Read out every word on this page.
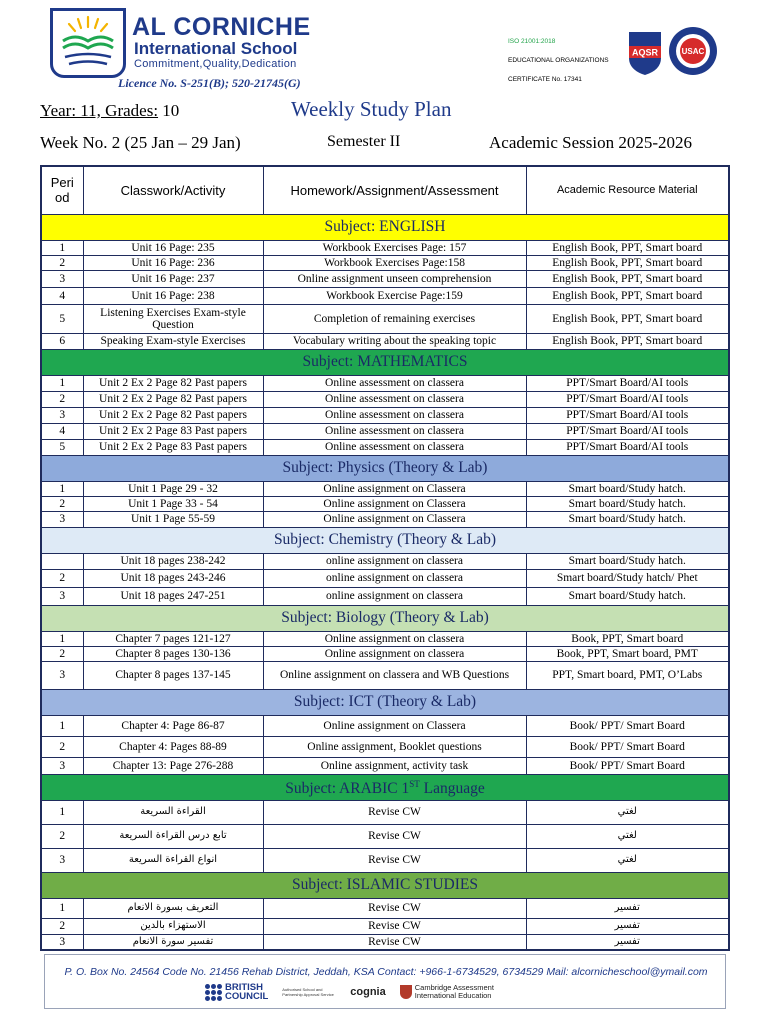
AL CORNICHE
International School
Commitment,Quality,Dedication
Licence No. S-251(B); 520-21745(G)
ISO 21001:2018
EDUCATIONAL ORGANIZATIONS
CERTIFICATE No. 17341
AQSR	USAC
Year: 11, Grades: 10	Weekly Study Plan
Week No. 2 (25 Jan – 29 Jan)	Semester II	Academic Session 2025-2026
Peri od	Classwork/Activity	Homework/Assignment/Assessment	Academic Resource Material
Subject: ENGLISH			
1	Unit 16 Page: 235	Workbook Exercises Page: 157	English Book, PPT, Smart board
2	Unit 16 Page: 236	Workbook Exercises Page:158	English Book, PPT, Smart board
3	Unit 16 Page: 237	Online assignment unseen comprehension	English Book, PPT, Smart board
4	Unit 16 Page: 238	Workbook Exercise Page:159	English Book, PPT, Smart board
5	Listening Exercises Exam-style Question	Completion of remaining exercises	English Book, PPT, Smart board
6	Speaking Exam-style Exercises	Vocabulary writing about the speaking topic	English Book, PPT, Smart board
Subject: MATHEMATICS			
1	Unit 2 Ex 2 Page 82 Past papers	Online assessment on classera	PPT/Smart Board/AI tools
2	Unit 2 Ex 2 Page 82 Past papers	Online assessment on classera	PPT/Smart Board/AI tools
3	Unit 2 Ex 2 Page 82 Past papers	Online assessment on classera	PPT/Smart Board/AI tools
4	Unit 2 Ex 2 Page 83 Past papers	Online assessment on classera	PPT/Smart Board/AI tools
5	Unit 2 Ex 2 Page 83 Past papers	Online assessment on classera	PPT/Smart Board/AI tools
Subject: Physics (Theory & Lab)			
1	Unit 1 Page 29 - 32	Online assignment on Classera	Smart board/Study hatch.
2	Unit 1 Page 33 - 54	Online assignment on Classera	Smart board/Study hatch.
3	Unit 1 Page 55-59	Online assignment on Classera	Smart board/Study hatch.
Subject: Chemistry (Theory & Lab)			
	Unit 18 pages 238-242	online assignment on classera	Smart board/Study hatch.
2	Unit 18 pages 243-246	online assignment on classera	Smart board/Study hatch/ Phet
3	Unit 18 pages 247-251	online assignment on classera	Smart board/Study hatch.
Subject: Biology (Theory & Lab)			
1	Chapter 7 pages 121-127	Online assignment on classera	Book, PPT, Smart board
2	Chapter 8 pages 130-136	Online assignment on classera	Book, PPT, Smart board, PMT
3	Chapter 8 pages 137-145	Online assignment on classera and WB Questions	PPT, Smart board, PMT, O’Labs
Subject: ICT (Theory & Lab)			
1	Chapter 4: Page 86-87	Online assignment on Classera	Book/ PPT/ Smart Board
2	Chapter 4: Pages 88-89	Online assignment, Booklet questions	Book/ PPT/ Smart Board
3	Chapter 13: Page 276-288	Online assignment, activity task	Book/ PPT/ Smart Board
Subject: ARABIC 1ST Language			
1	القراءة السريعة	Revise CW	لغتي
2	تابع درس القراءة السريعة	Revise CW	لغتي
3	انواع القراءة السريعة	Revise CW	لغتي
Subject: ISLAMIC STUDIES			
1	التعريف بسورة الانعام	Revise CW	تفسير
2	الاستهزاء بالدين	Revise CW	تفسير
3	تفسير سورة الانعام	Revise CW	تفسير
P. O. Box No. 24564 Code No. 21456 Rehab District, Jeddah, KSA Contact: +966-1-6734529, 6734529 Mail: alcornicheschool@ymail.com
BRITISH
COUNCIL
Authorised School and Partnership Approval Service cognia	Cambridge Assessment
International Education
